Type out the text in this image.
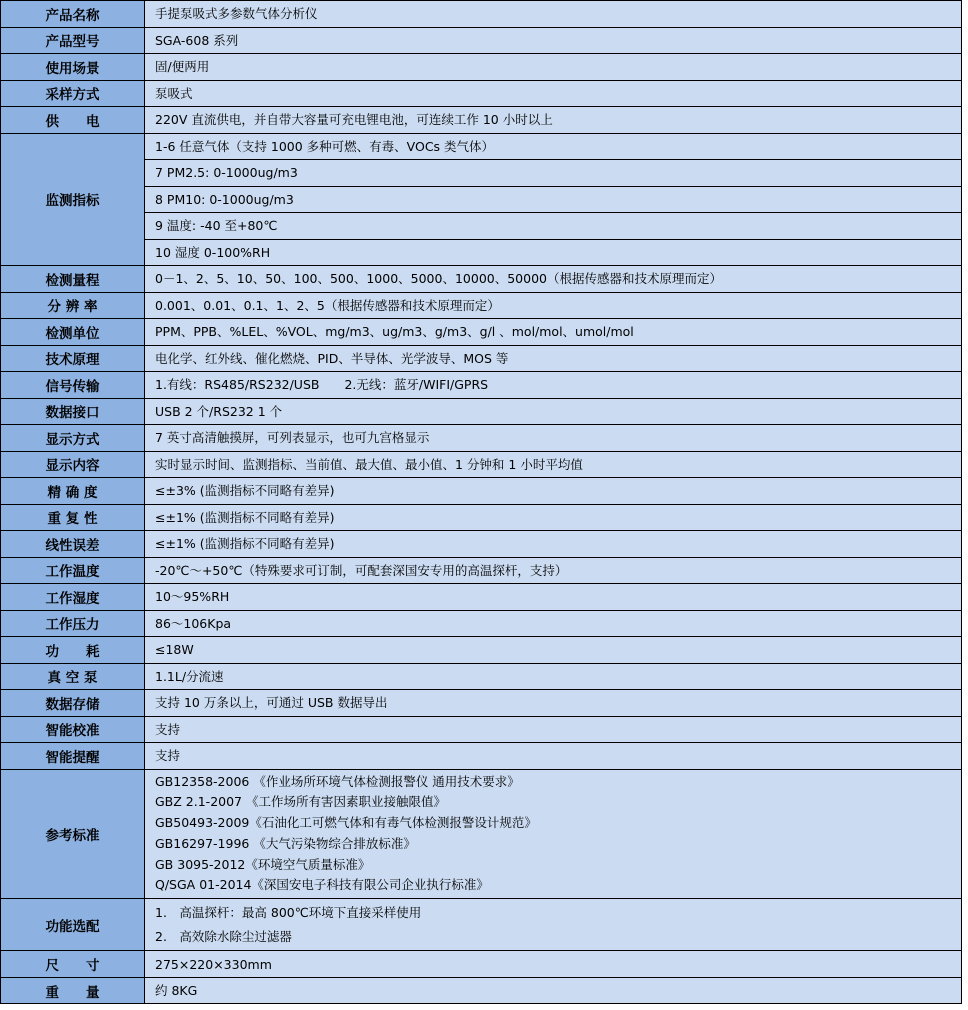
产品名称	手提泵吸式多参数气体分析仪

产品型号	SGA-608 系列

使用场景	固/便两用

采样方式	泵吸式

供　　电	220V 直流供电，并自带大容量可充电锂电池，可连续工作 10 小时以上

监测指标	1-6 任意气体（支持 1000 多种可燃、有毒、VOCs 类气体）

	7 PM2.5: 0-1000ug/m3

	8 PM10: 0-1000ug/m3

	9 温度: -40 至+80℃

	10 湿度 0-100%RH

检测量程	0－1、2、5、10、50、100、500、1000、5000、10000、50000（根据传感器和技术原理而定）

分 辨 率	0.001、0.01、0.1、1、2、5（根据传感器和技术原理而定）

检测单位	PPM、PPB、%LEL、%VOL、mg/m3、ug/m3、g/m3、g/l 、mol/mol、umol/mol

技术原理	电化学、红外线、催化燃烧、PID、半导体、光学波导、MOS 等

信号传输	1.有线：RS485/RS232/USB　　2.无线：蓝牙/WIFI/GPRS

数据接口	USB 2 个/RS232 1 个

显示方式	7 英寸高清触摸屏，可列表显示，也可九宫格显示

显示内容	实时显示时间、监测指标、当前值、最大值、最小值、1 分钟和 1 小时平均值

精 确 度	≤±3% (监测指标不同略有差异)

重 复 性	≤±1% (监测指标不同略有差异)

线性误差	≤±1% (监测指标不同略有差异)

工作温度	-20℃～+50℃（特殊要求可订制，可配套深国安专用的高温探杆，支持）

工作湿度	10～95%RH

工作压力	86～106Kpa

功　　耗	≤18W

真 空 泵	1.1L/分流速

数据存储	支持 10 万条以上，可通过 USB 数据导出

智能校准	支持

智能提醒	支持

参考标准	
GB12358-2006 《作业场所环境气体检测报警仪 通用技术要求》
GBZ 2.1-2007 《工作场所有害因素职业接触限值》
GB50493-2009《石油化工可燃气体和有毒气体检测报警设计规范》
GB16297-1996 《大气污染物综合排放标准》
GB 3095-2012《环境空气质量标准》
Q/SGA 01-2014《深国安电子科技有限公司企业执行标准》

功能选配	1.　高温探杆：最高 800℃环境下直接采样使用
2.　高效除水除尘过滤器

尺　　寸	275×220×330mm

重　　量	约 8KG
